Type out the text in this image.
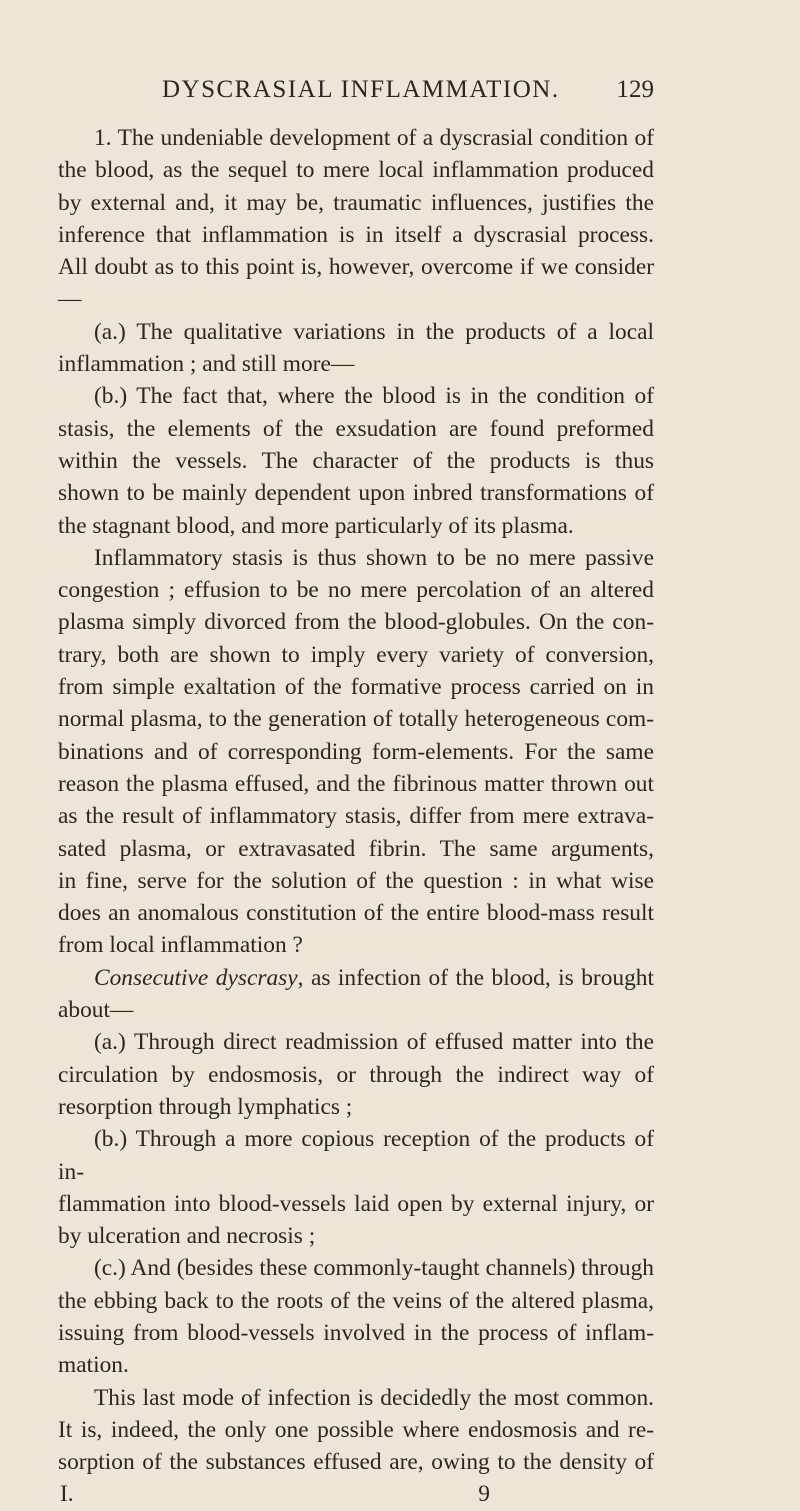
DYSCRASIAL INFLAMMATION. 129

1. The undeniable development of a dyscrasial condition of

the blood, as the sequel to mere local inflammation produced

by external and, it may be, traumatic influences, justifies the

inference that inflammation is in itself a dyscrasial process.

All doubt as to this point is, however, overcome if we consider—

(a.) The qualitative variations in the products of a local

inflammation ; and still more—

(b.) The fact that, where the blood is in the condition of

stasis, the elements of the exsudation are found preformed

within the vessels. The character of the products is thus

shown to be mainly dependent upon inbred transformations of

the stagnant blood, and more particularly of its plasma.

Inflammatory stasis is thus shown to be no mere passive

congestion ; effusion to be no mere percolation of an altered

plasma simply divorced from the blood-globules. On the con-

trary, both are shown to imply every variety of conversion,

from simple exaltation of the formative process carried on in

normal plasma, to the generation of totally heterogeneous com-

binations and of corresponding form-elements. For the same

reason the plasma effused, and the fibrinous matter thrown out

as the result of inflammatory stasis, differ from mere extrava-

sated plasma, or extravasated fibrin. The same arguments,

in fine, serve for the solution of the question : in what wise

does an anomalous constitution of the entire blood-mass result

from local inflammation ?

Consecutive dyscrasy, as infection of the blood, is brought

about—

(a.) Through direct readmission of effused matter into the

circulation by endosmosis, or through the indirect way of

resorption through lymphatics ;

(b.) Through a more copious reception of the products of in-

flammation into blood-vessels laid open by external injury, or

by ulceration and necrosis ;

(c.) And (besides these commonly-taught channels) through

the ebbing back to the roots of the veins of the altered plasma,

issuing from blood-vessels involved in the process of inflam-

mation.

This last mode of infection is decidedly the most common.

It is, indeed, the only one possible where endosmosis and re-

sorption of the substances effused are, owing to the density of

I.	9
